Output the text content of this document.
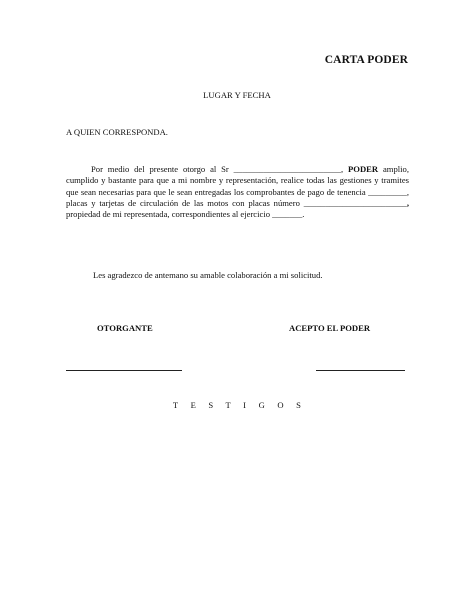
CARTA PODER
LUGAR Y FECHA
A QUIEN CORRESPONDA.
Por medio del presente otorgo al Sr _________________________, PODER amplio, cumplido y bastante para que a mi nombre y representación, realice todas las gestiones y tramites que sean necesarias para que le sean entregadas los comprobantes de pago de tenencia _________, placas y tarjetas de circulación de las motos con placas número ________________________, propiedad de mi representada, correspondientes al ejercicio _______.
Les agradezco de antemano su amable colaboración a mi solicitud.
OTORGANTE	ACEPTO EL PODER
T E S T I G O S
